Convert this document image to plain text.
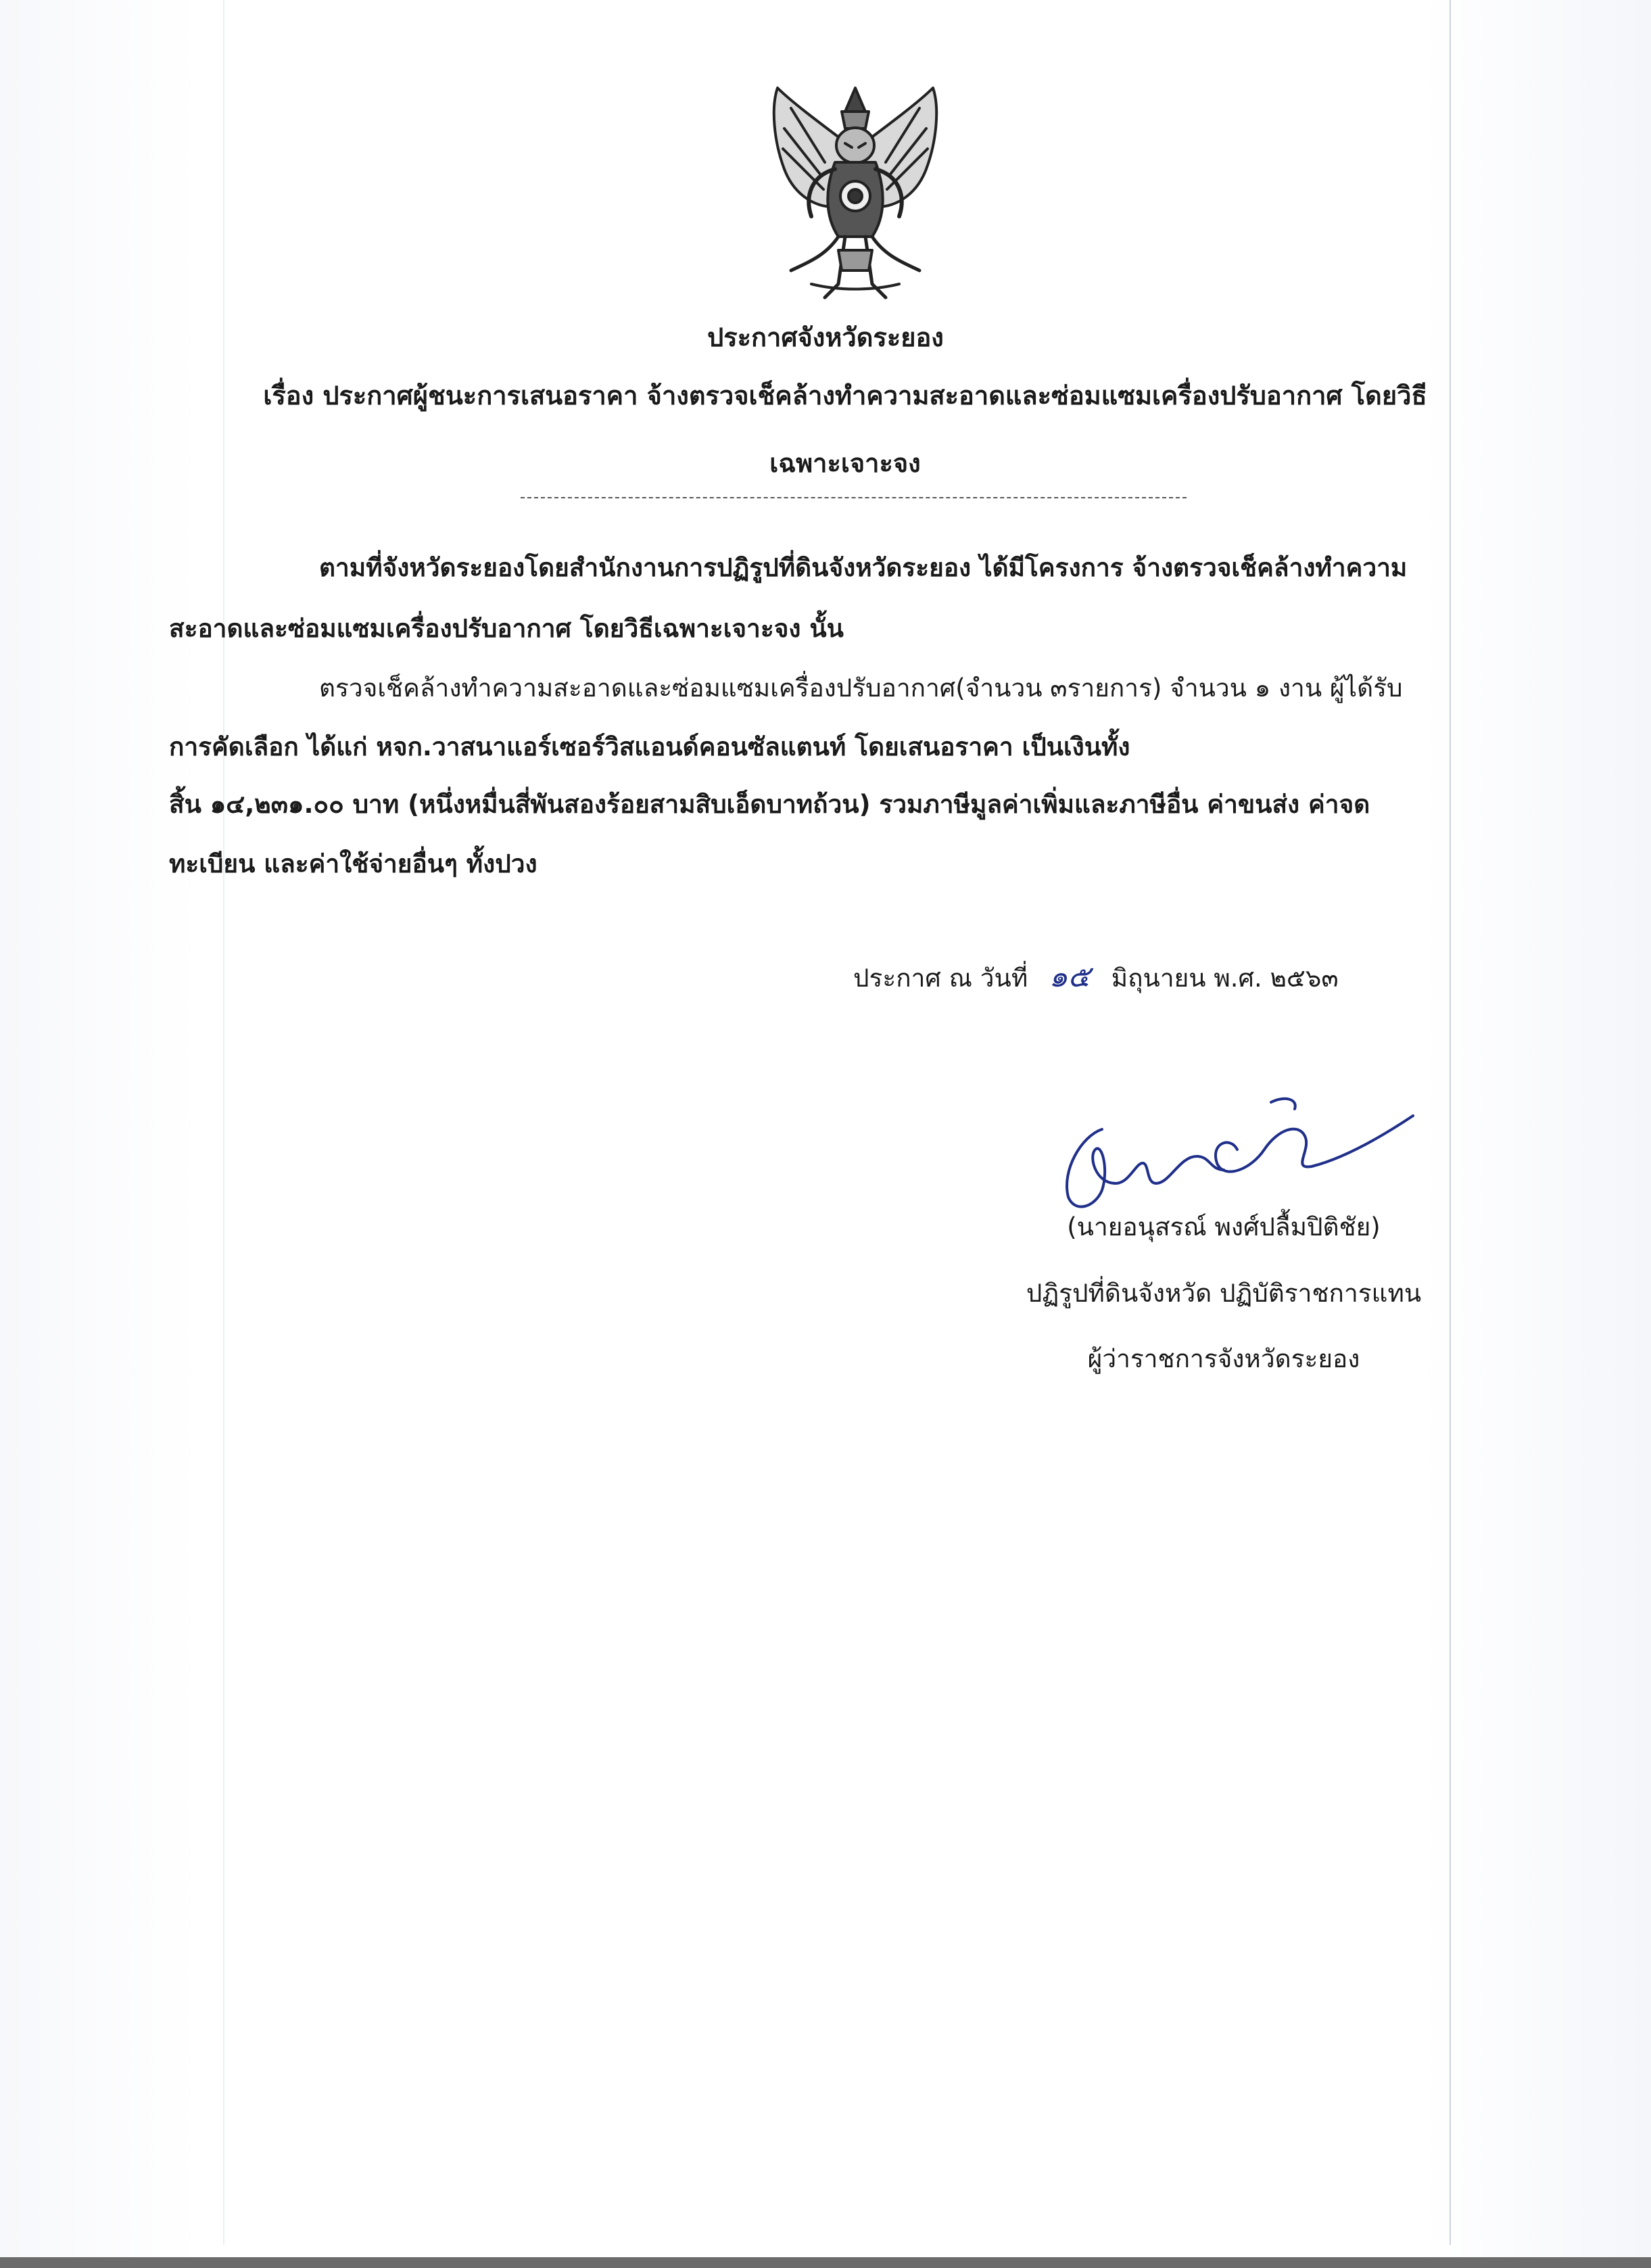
ประกาศจังหวัดระยอง
เรื่อง ประกาศผู้ชนะการเสนอราคา จ้างตรวจเช็คล้างทำความสะอาดและซ่อมแซมเครื่องปรับอากาศ โดยวิธี
เฉพาะเจาะจง
ตามที่จังหวัดระยองโดยสำนักงานการปฏิรูปที่ดินจังหวัดระยอง ได้มีโครงการ จ้างตรวจเช็คล้างทำความ
สะอาดและซ่อมแซมเครื่องปรับอากาศ โดยวิธีเฉพาะเจาะจง นั้น
ตรวจเช็คล้างทำความสะอาดและซ่อมแซมเครื่องปรับอากาศ(จำนวน ๓รายการ) จำนวน ๑ งาน ผู้ได้รับ
การคัดเลือก ได้แก่ หจก.วาสนาแอร์เซอร์วิสแอนด์คอนซัลแตนท์ โดยเสนอราคา เป็นเงินทั้ง
สิ้น ๑๔,๒๓๑.๐๐ บาท (หนึ่งหมื่นสี่พันสองร้อยสามสิบเอ็ดบาทถ้วน) รวมภาษีมูลค่าเพิ่มและภาษีอื่น ค่าขนส่ง ค่าจด
ทะเบียน และค่าใช้จ่ายอื่นๆ ทั้งปวง
ประกาศ ณ วันที่ ๑๕ มิถุนายน พ.ศ. ๒๕๖๓
(นายอนุสรณ์ พงศ์ปลื้มปิติชัย)
ปฏิรูปที่ดินจังหวัด ปฏิบัติราชการแทน
ผู้ว่าราชการจังหวัดระยอง
